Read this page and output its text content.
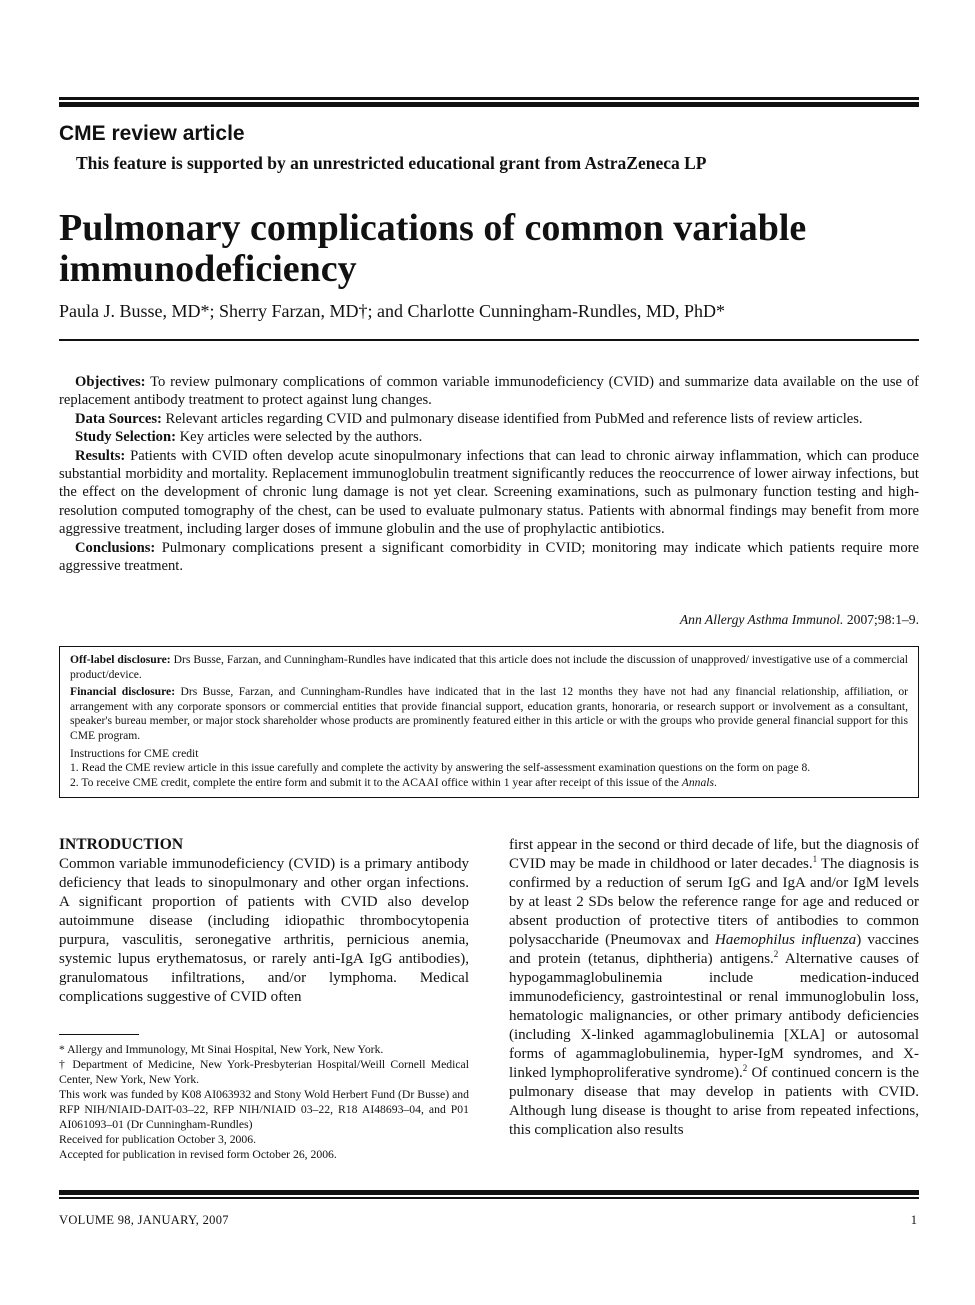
CME review article
This feature is supported by an unrestricted educational grant from AstraZeneca LP
Pulmonary complications of common variable immunodeficiency
Paula J. Busse, MD*; Sherry Farzan, MD†; and Charlotte Cunningham-Rundles, MD, PhD*

Objectives: To review pulmonary complications of common variable immunodeficiency (CVID) and summarize data available on the use of replacement antibody treatment to protect against lung changes.

Data Sources: Relevant articles regarding CVID and pulmonary disease identified from PubMed and reference lists of review articles.

Study Selection: Key articles were selected by the authors.

Results: Patients with CVID often develop acute sinopulmonary infections that can lead to chronic airway inflammation, which can produce substantial morbidity and mortality. Replacement immunoglobulin treatment significantly reduces the reoccurrence of lower airway infections, but the effect on the development of chronic lung damage is not yet clear. Screening examinations, such as pulmonary function testing and high-resolution computed tomography of the chest, can be used to evaluate pulmonary status. Patients with abnormal findings may benefit from more aggressive treatment, including larger doses of immune globulin and the use of prophylactic antibiotics.

Conclusions: Pulmonary complications present a significant comorbidity in CVID; monitoring may indicate which patients require more aggressive treatment.

Ann Allergy Asthma Immunol. 2007;98:1–9.

Off-label disclosure: Drs Busse, Farzan, and Cunningham-Rundles have indicated that this article does not include the discussion of unapproved/ investigative use of a commercial product/device.

Financial disclosure: Drs Busse, Farzan, and Cunningham-Rundles have indicated that in the last 12 months they have not had any financial relationship, affiliation, or arrangement with any corporate sponsors or commercial entities that provide financial support, education grants, honoraria, or research support or involvement as a consultant, speaker's bureau member, or major stock shareholder whose products are prominently featured either in this article or with the groups who provide general financial support for this CME program.

Instructions for CME credit

1. Read the CME review article in this issue carefully and complete the activity by answering the self-assessment examination questions on the form on page 8.

2. To receive CME credit, complete the entire form and submit it to the ACAAI office within 1 year after receipt of this issue of the Annals.

INTRODUCTION

Common variable immunodeficiency (CVID) is a primary antibody deficiency that leads to sinopulmonary and other organ infections. A significant proportion of patients with CVID also develop autoimmune disease (including idiopathic thrombocytopenia purpura, vasculitis, seronegative arthritis, pernicious anemia, systemic lupus erythematosus, or rarely anti-IgA IgG antibodies), granulomatous infiltrations, and/or lymphoma. Medical complications suggestive of CVID often

* Allergy and Immunology, Mt Sinai Hospital, New York, New York.

† Department of Medicine, New York-Presbyterian Hospital/Weill Cornell Medical Center, New York, New York.

This work was funded by K08 AI063932 and Stony Wold Herbert Fund (Dr Busse) and RFP NIH/NIAID-DAIT-03–22, RFP NIH/NIAID 03–22, R18 AI48693–04, and P01 AI061093–01 (Dr Cunningham-Rundles)

Received for publication October 3, 2006.

Accepted for publication in revised form October 26, 2006.

first appear in the second or third decade of life, but the diagnosis of CVID may be made in childhood or later decades.$^1$ The diagnosis is confirmed by a reduction of serum IgG and IgA and/or IgM levels by at least 2 SDs below the reference range for age and reduced or absent production of protective titers of antibodies to common polysaccharide (Pneumovax and Haemophilus influenza) vaccines and protein (tetanus, diphtheria) antigens.$^2$ Alternative causes of hypogammaglobulinemia include medication-induced immunodeficiency, gastrointestinal or renal immunoglobulin loss, hematologic malignancies, or other primary antibody deficiencies (including X-linked agammaglobulinemia [XLA] or autosomal forms of agammaglobulinemia, hyper-IgM syndromes, and X-linked lymphoproliferative syndrome).$^2$ Of continued concern is the pulmonary disease that may develop in patients with CVID. Although lung disease is thought to arise from repeated infections, this complication also results

VOLUME 98, JANUARY, 2007	1
